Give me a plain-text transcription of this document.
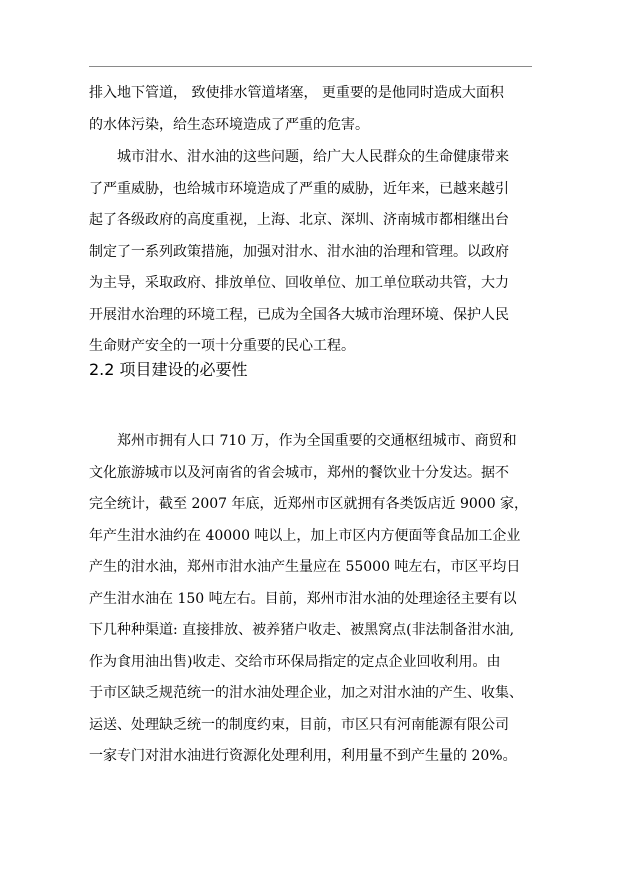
排入地下管道， 致使排水管道堵塞， 更重要的是他同时造成大面积
的水体污染，给生态环境造成了严重的危害。
城市泔水、泔水油的这些问题，给广大人民群众的生命健康带来
了严重威胁，也给城市环境造成了严重的威胁，近年来，已越来越引
起了各级政府的高度重视，上海、北京、深圳、济南城市都相继出台
制定了一系列政策措施，加强对泔水、泔水油的治理和管理。以政府
为主导，采取政府、排放单位、回收单位、加工单位联动共管，大力
开展泔水治理的环境工程，已成为全国各大城市治理环境、保护人民
生命财产安全的一项十分重要的民心工程。
2.2 项目建设的必要性
郑州市拥有人口 710 万，作为全国重要的交通枢纽城市、商贸和
文化旅游城市以及河南省的省会城市，郑州的餐饮业十分发达。据不
完全统计，截至 2007 年底，近郑州市区就拥有各类饭店近 9000 家，
年产生泔水油约在 40000 吨以上，加上市区内方便面等食品加工企业
产生的泔水油，郑州市泔水油产生量应在 55000 吨左右，市区平均日
产生泔水油在 150 吨左右。目前，郑州市泔水油的处理途径主要有以
下几种种渠道: 直接排放、被养猪户收走、被黑窝点(非法制备泔水油,
作为食用油出售)收走、交给市环保局指定的定点企业回收利用。由
于市区缺乏规范统一的泔水油处理企业，加之对泔水油的产生、收集、
运送、处理缺乏统一的制度约束，目前，市区只有河南能源有限公司
一家专门对泔水油进行资源化处理利用，利用量不到产生量的 20%。
